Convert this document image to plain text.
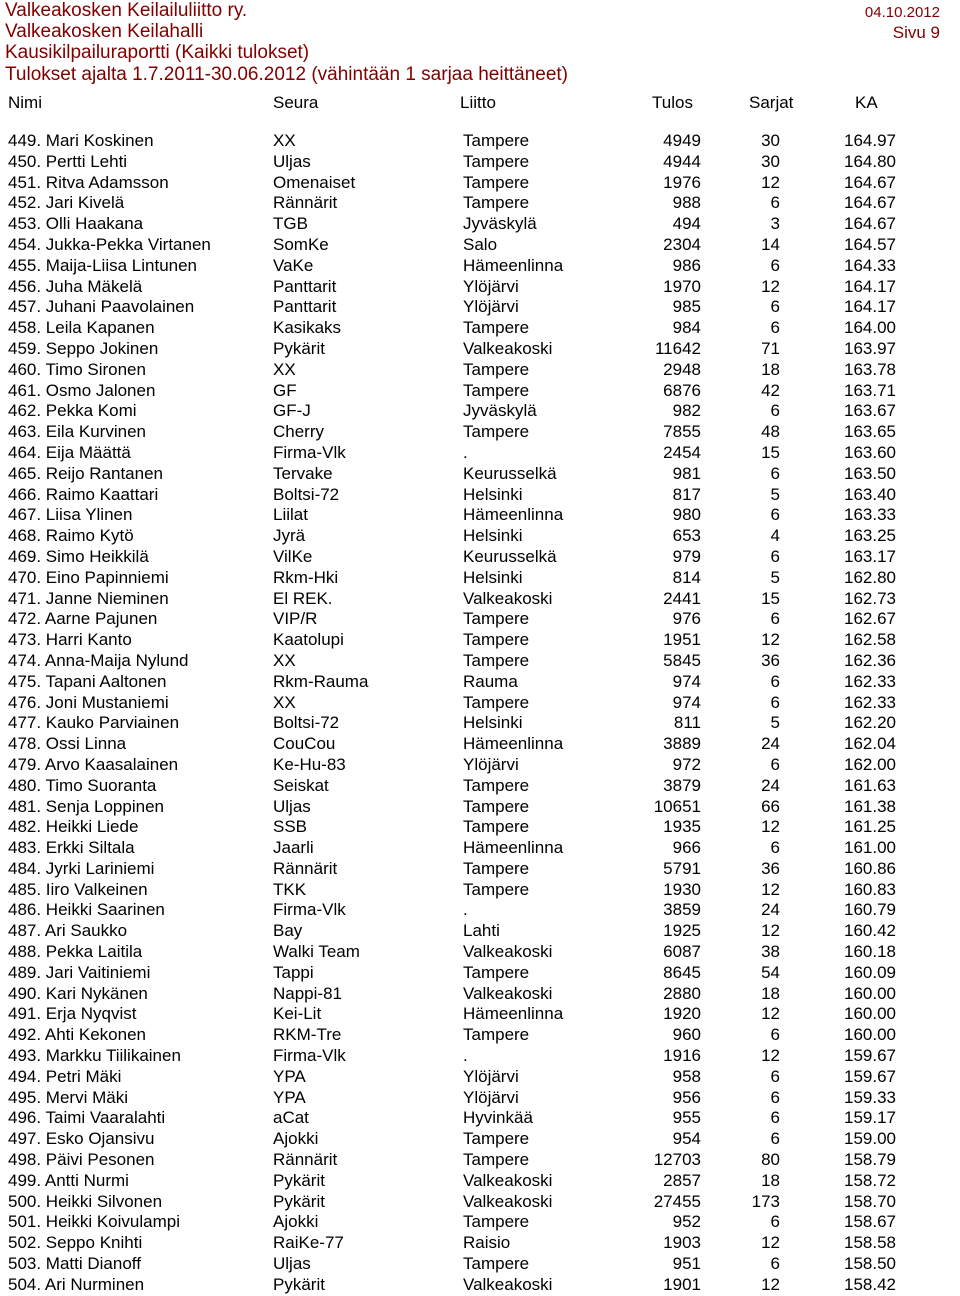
Valkeakosken Keilailuliitto ry.
Valkeakosken Keilahalli
Kausikilpailuraportti (Kaikki tulokset)
Tulokset ajalta 1.7.2011-30.06.2012 (vähintään 1 sarjaa heittäneet)
04.10.2012
Sivu 9
Nimi	Seura	Liitto	Tulos	Sarjat	KA
449. Mari Koskinen	XX	Tampere	4949	30	164.97
450. Pertti Lehti	Uljas	Tampere	4944	30	164.80
451. Ritva Adamsson	Omenaiset	Tampere	1976	12	164.67
452. Jari Kivelä	Rännärit	Tampere	988	6	164.67
453. Olli Haakana	TGB	Jyväskylä	494	3	164.67
454. Jukka-Pekka Virtanen	SomKe	Salo	2304	14	164.57
455. Maija-Liisa Lintunen	VaKe	Hämeenlinna	986	6	164.33
456. Juha Mäkelä	Panttarit	Ylöjärvi	1970	12	164.17
457. Juhani Paavolainen	Panttarit	Ylöjärvi	985	6	164.17
458. Leila Kapanen	Kasikaks	Tampere	984	6	164.00
459. Seppo Jokinen	Pykärit	Valkeakoski	11642	71	163.97
460. Timo Sironen	XX	Tampere	2948	18	163.78
461. Osmo Jalonen	GF	Tampere	6876	42	163.71
462. Pekka Komi	GF-J	Jyväskylä	982	6	163.67
463. Eila Kurvinen	Cherry	Tampere	7855	48	163.65
464. Eija Määttä	Firma-Vlk	.	2454	15	163.60
465. Reijo Rantanen	Tervake	Keurusselkä	981	6	163.50
466. Raimo Kaattari	Boltsi-72	Helsinki	817	5	163.40
467. Liisa Ylinen	Liilat	Hämeenlinna	980	6	163.33
468. Raimo Kytö	Jyrä	Helsinki	653	4	163.25
469. Simo Heikkilä	VilKe	Keurusselkä	979	6	163.17
470. Eino Papinniemi	Rkm-Hki	Helsinki	814	5	162.80
471. Janne Nieminen	El REK.	Valkeakoski	2441	15	162.73
472. Aarne Pajunen	VIP/R	Tampere	976	6	162.67
473. Harri Kanto	Kaatolupi	Tampere	1951	12	162.58
474. Anna-Maija Nylund	XX	Tampere	5845	36	162.36
475. Tapani Aaltonen	Rkm-Rauma	Rauma	974	6	162.33
476. Joni Mustaniemi	XX	Tampere	974	6	162.33
477. Kauko Parviainen	Boltsi-72	Helsinki	811	5	162.20
478. Ossi Linna	CouCou	Hämeenlinna	3889	24	162.04
479. Arvo Kaasalainen	Ke-Hu-83	Ylöjärvi	972	6	162.00
480. Timo Suoranta	Seiskat	Tampere	3879	24	161.63
481. Senja Loppinen	Uljas	Tampere	10651	66	161.38
482. Heikki Liede	SSB	Tampere	1935	12	161.25
483. Erkki Siltala	Jaarli	Hämeenlinna	966	6	161.00
484. Jyrki Lariniemi	Rännärit	Tampere	5791	36	160.86
485. Iiro Valkeinen	TKK	Tampere	1930	12	160.83
486. Heikki Saarinen	Firma-Vlk	.	3859	24	160.79
487. Ari Saukko	Bay	Lahti	1925	12	160.42
488. Pekka Laitila	Walki Team	Valkeakoski	6087	38	160.18
489. Jari Vaitiniemi	Tappi	Tampere	8645	54	160.09
490. Kari Nykänen	Nappi-81	Valkeakoski	2880	18	160.00
491. Erja Nyqvist	Kei-Lit	Hämeenlinna	1920	12	160.00
492. Ahti Kekonen	RKM-Tre	Tampere	960	6	160.00
493. Markku Tiilikainen	Firma-Vlk	.	1916	12	159.67
494. Petri Mäki	YPA	Ylöjärvi	958	6	159.67
495. Mervi Mäki	YPA	Ylöjärvi	956	6	159.33
496. Taimi Vaaralahti	aCat	Hyvinkää	955	6	159.17
497. Esko Ojansivu	Ajokki	Tampere	954	6	159.00
498. Päivi Pesonen	Rännärit	Tampere	12703	80	158.79
499. Antti Nurmi	Pykärit	Valkeakoski	2857	18	158.72
500. Heikki Silvonen	Pykärit	Valkeakoski	27455	173	158.70
501. Heikki Koivulampi	Ajokki	Tampere	952	6	158.67
502. Seppo Knihti	RaiKe-77	Raisio	1903	12	158.58
503. Matti Dianoff	Uljas	Tampere	951	6	158.50
504. Ari Nurminen	Pykärit	Valkeakoski	1901	12	158.42
